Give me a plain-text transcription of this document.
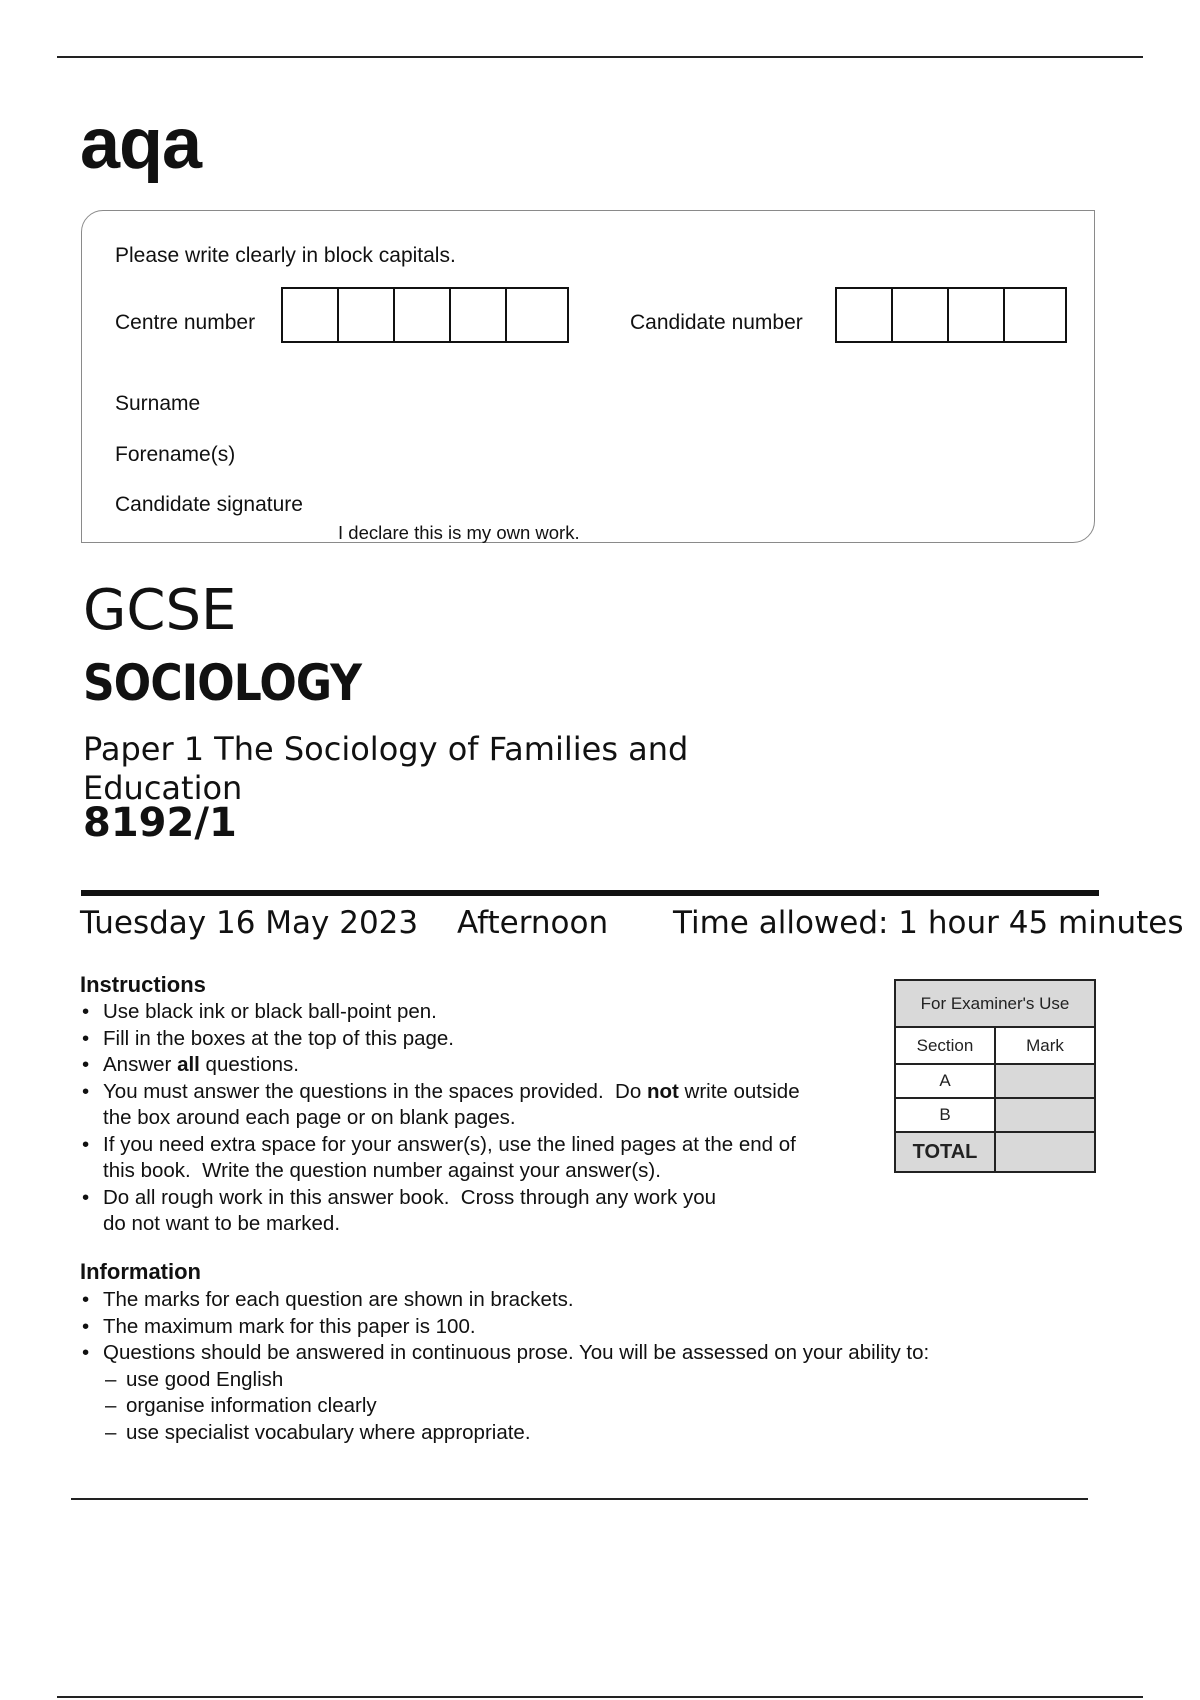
aqa
Please write clearly in block capitals.
Centre number	Candidate number
Surname
Forename(s)
Candidate signature
I declare this is my own work.
GCSE
SOCIOLOGY
Paper 1 The Sociology of Families and Education
8192/1
Tuesday 16 May 2023 Afternoon Time allowed: 1 hour 45 minutes
Instructions
• Use black ink or black ball-point pen.
• Fill in the boxes at the top of this page.
• Answer all questions.
• You must answer the questions in the spaces provided.  Do not write outside
the box around each page or on blank pages.
• If you need extra space for your answer(s), use the lined pages at the end of
this book.  Write the question number against your answer(s).
• Do all rough work in this answer book.  Cross through any work you
do not want to be marked.
Information
• The marks for each question are shown in brackets.
• The maximum mark for this paper is 100.
• Questions should be answered in continuous prose. You will be assessed on your ability to:
– use good English
– organise information clearly
– use specialist vocabulary where appropriate.
For Examiner's Use	
Section	Mark
A	
B	
TOTAL	
